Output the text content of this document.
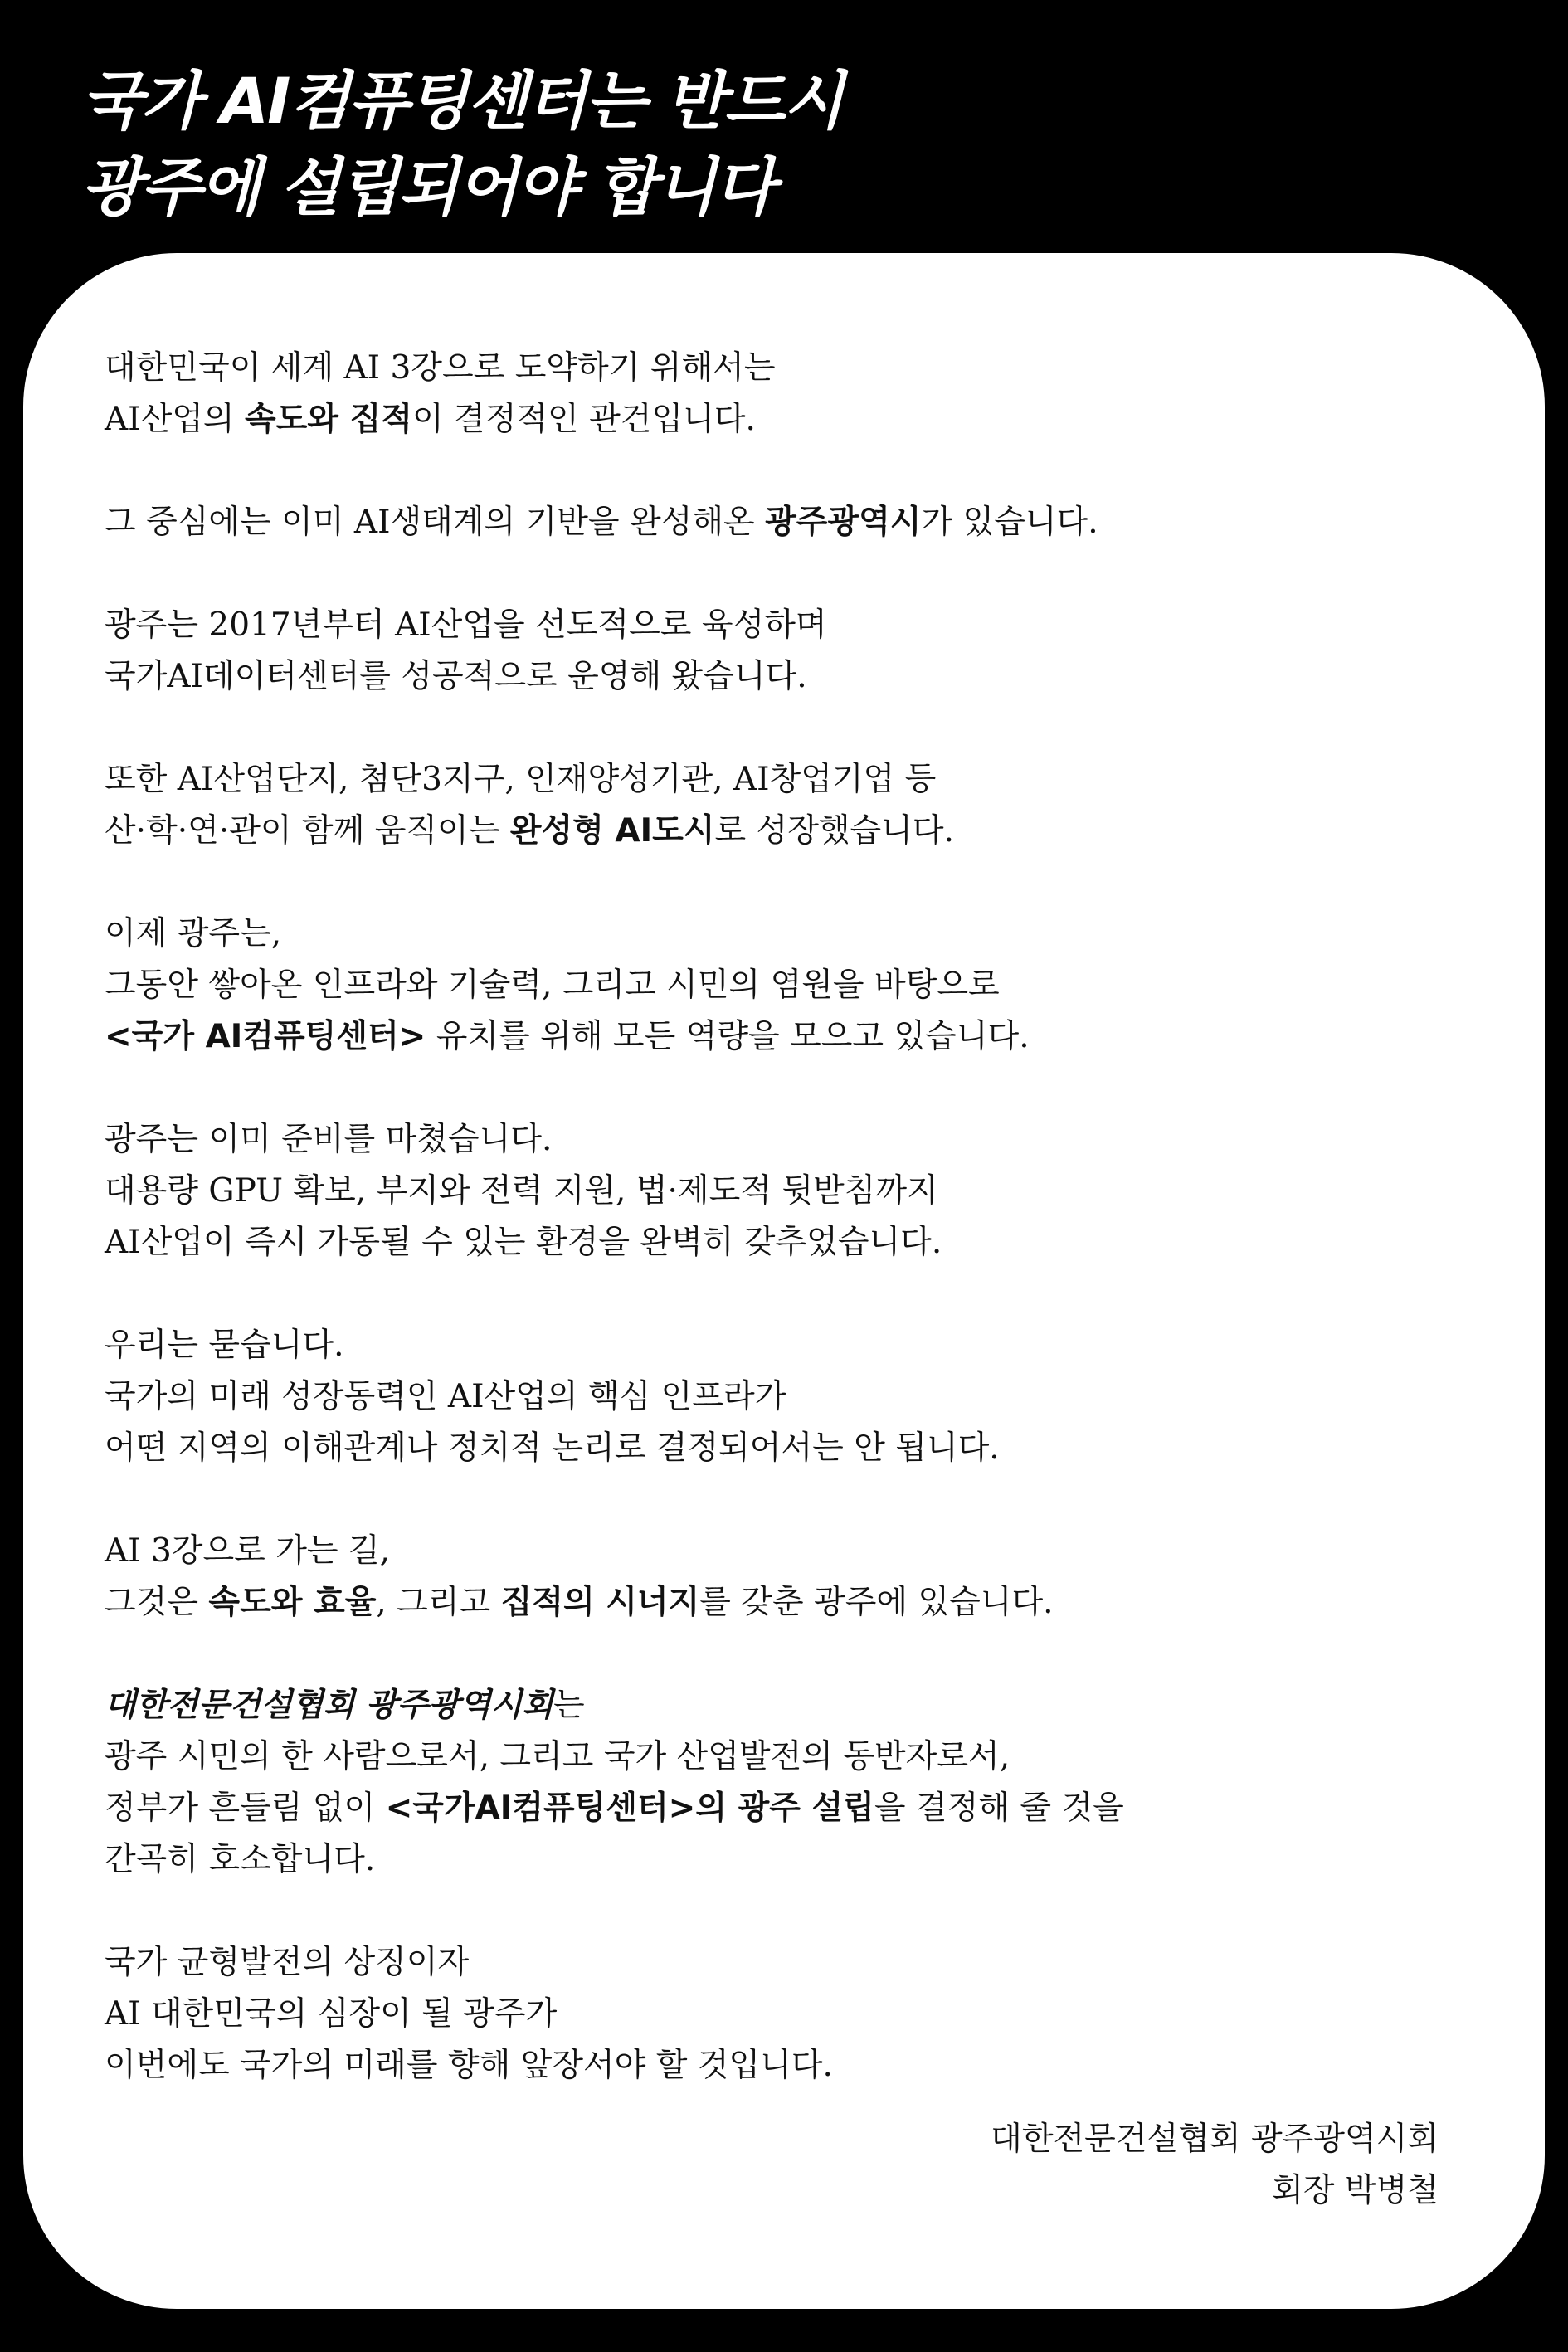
국가 AI컴퓨팅센터는 반드시
광주에 설립되어야 합니다

대한민국이 세계 AI 3강으로 도약하기 위해서는
AI산업의 속도와 집적이 결정적인 관건입니다.

그 중심에는 이미 AI생태계의 기반을 완성해온 광주광역시가 있습니다.

광주는 2017년부터 AI산업을 선도적으로 육성하며
국가AI데이터센터를 성공적으로 운영해 왔습니다.

또한 AI산업단지, 첨단3지구, 인재양성기관, AI창업기업 등
산·학·연·관이 함께 움직이는 완성형 AI도시로 성장했습니다.

이제 광주는,
그동안 쌓아온 인프라와 기술력, 그리고 시민의 염원을 바탕으로
<국가 AI컴퓨팅센터> 유치를 위해 모든 역량을 모으고 있습니다.

광주는 이미 준비를 마쳤습니다.
대용량 GPU 확보, 부지와 전력 지원, 법·제도적 뒷받침까지
AI산업이 즉시 가동될 수 있는 환경을 완벽히 갖추었습니다.

우리는 묻습니다.
국가의 미래 성장동력인 AI산업의 핵심 인프라가
어떤 지역의 이해관계나 정치적 논리로 결정되어서는 안 됩니다.

AI 3강으로 가는 길,
그것은 속도와 효율, 그리고 집적의 시너지를 갖춘 광주에 있습니다.

대한전문건설협회 광주광역시회는
광주 시민의 한 사람으로서, 그리고 국가 산업발전의 동반자로서,
정부가 흔들림 없이 <국가AI컴퓨팅센터>의 광주 설립을 결정해 줄 것을
간곡히 호소합니다.

국가 균형발전의 상징이자
AI 대한민국의 심장이 될 광주가
이번에도 국가의 미래를 향해 앞장서야 할 것입니다.

대한전문건설협회 광주광역시회
회장 박병철
